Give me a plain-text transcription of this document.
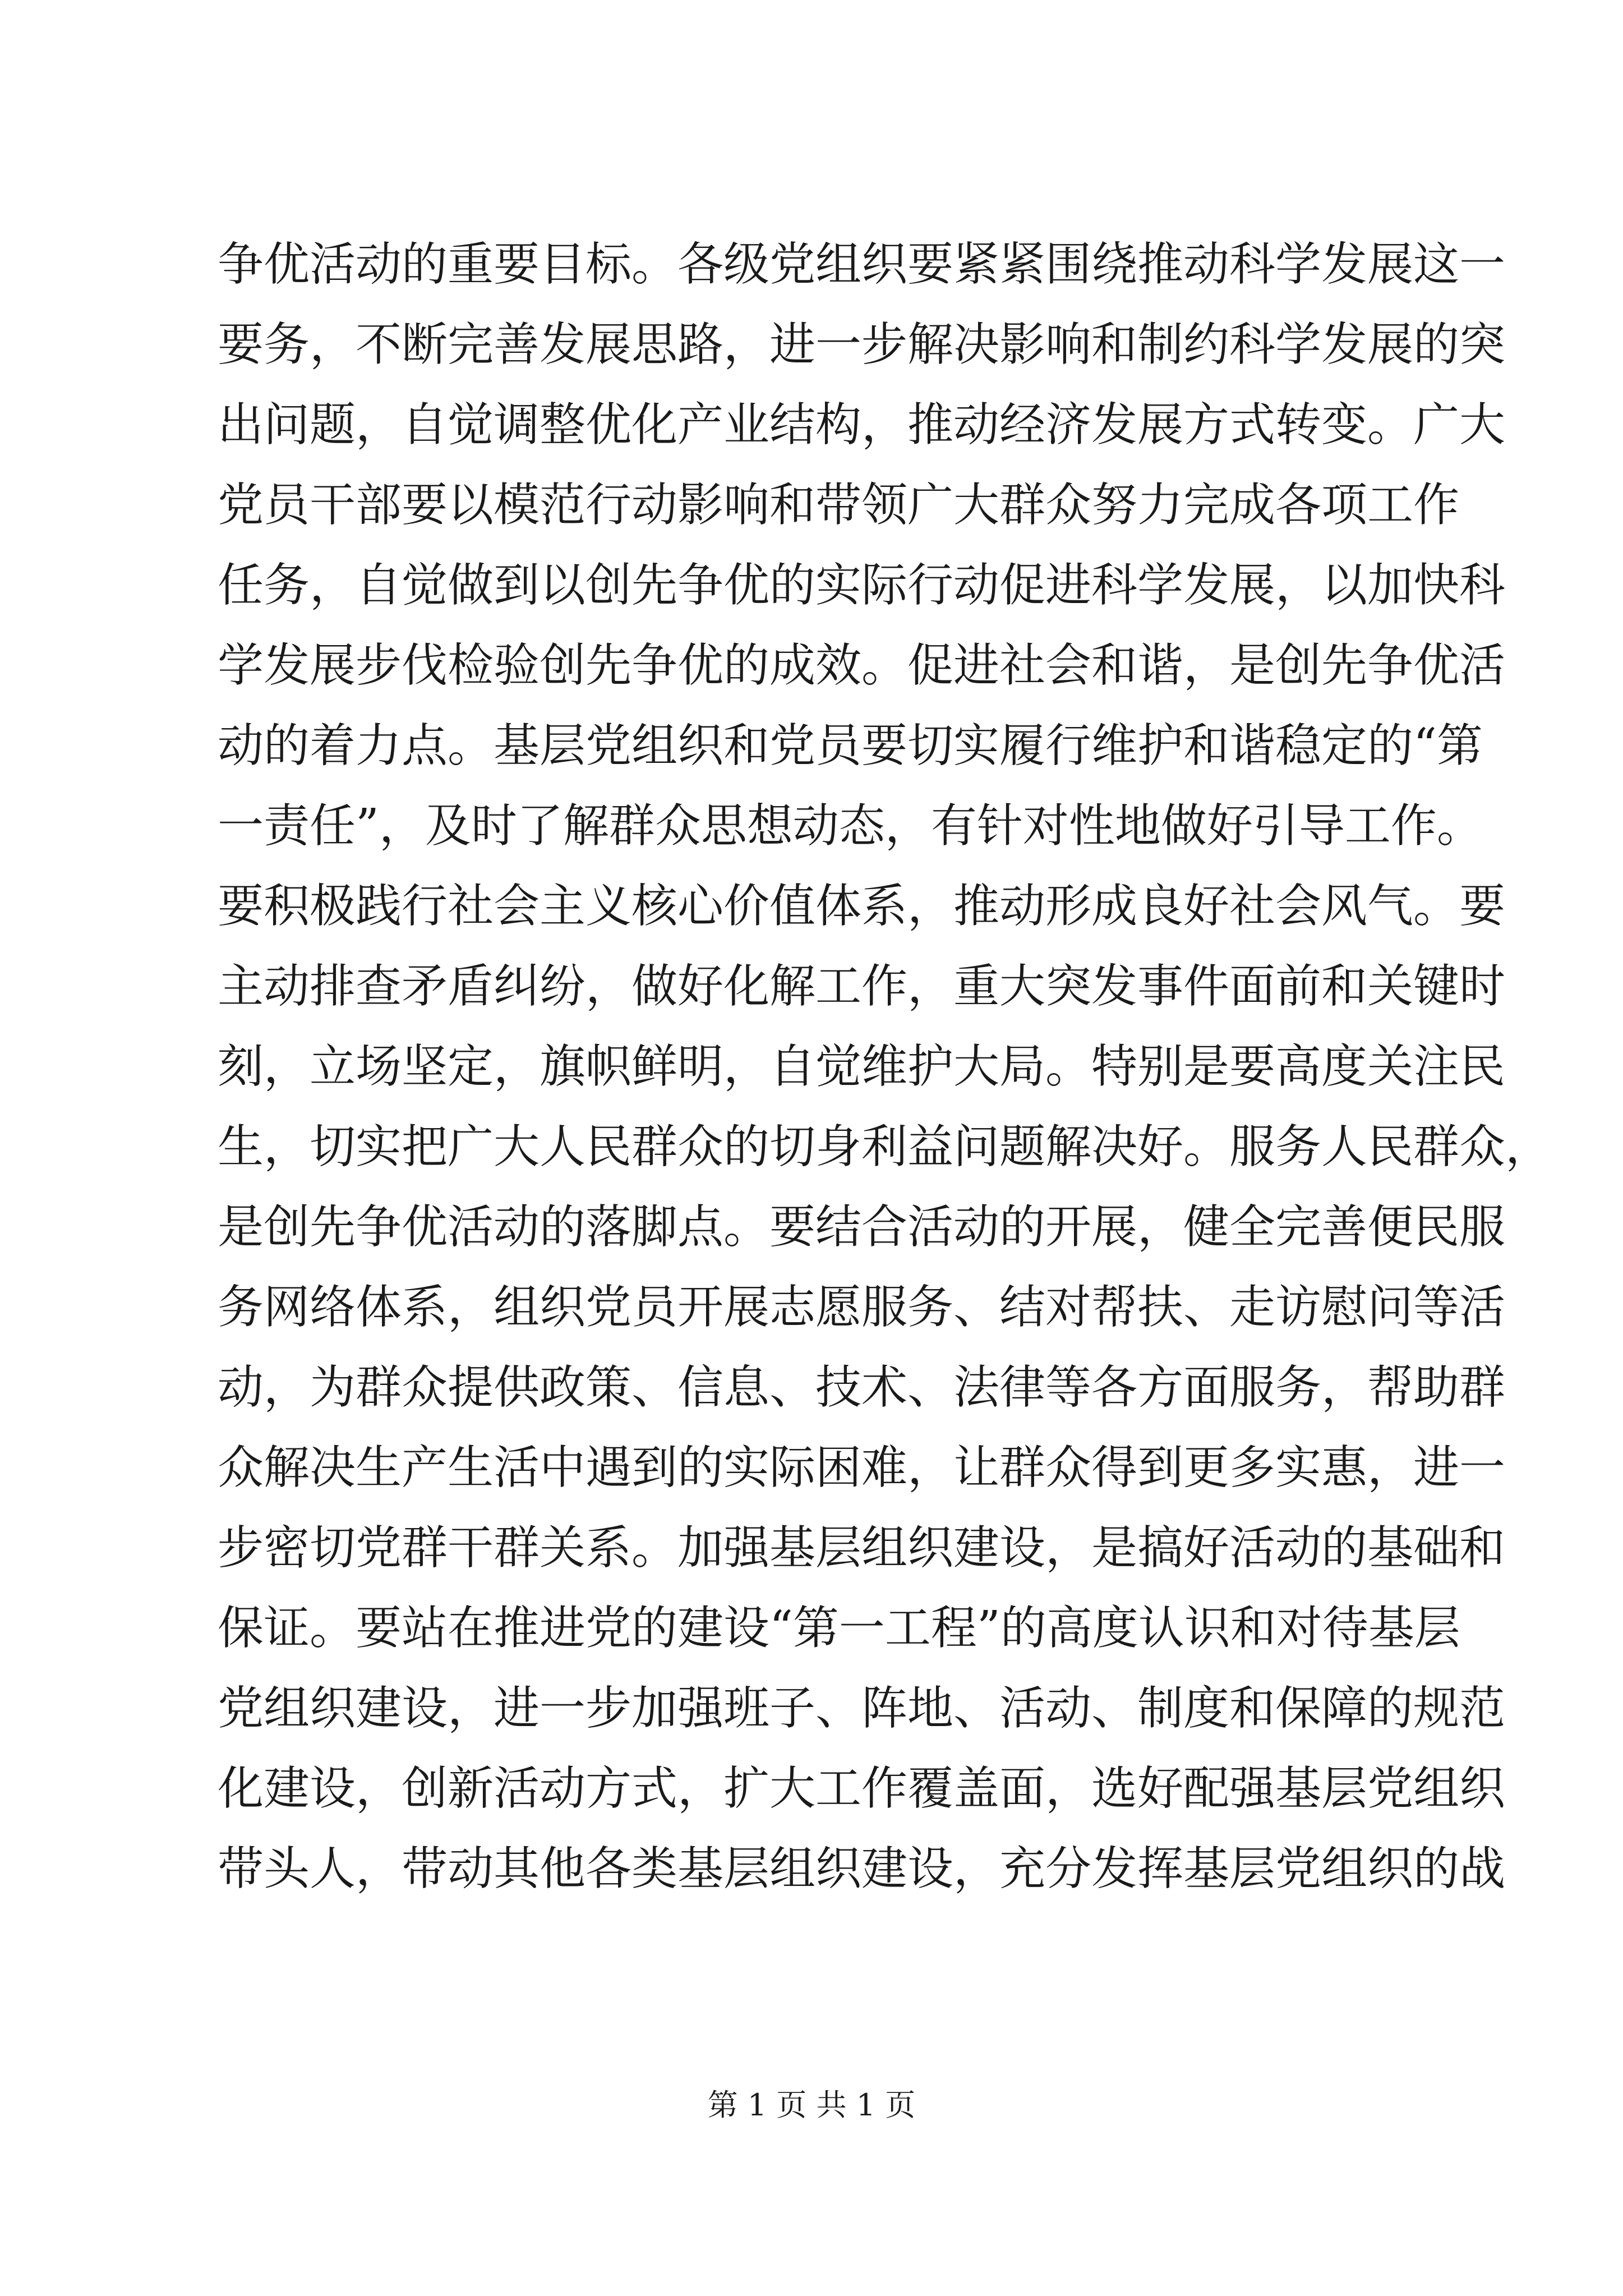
争优活动的重要目标。各级党组织要紧紧围绕推动科学发展这一
要务，不断完善发展思路，进一步解决影响和制约科学发展的突
出问题，自觉调整优化产业结构，推动经济发展方式转变。广大
党员干部要以模范行动影响和带领广大群众努力完成各项工作
任务，自觉做到以创先争优的实际行动促进科学发展，以加快科
学发展步伐检验创先争优的成效。促进社会和谐，是创先争优活
动的着力点。基层党组织和党员要切实履行维护和谐稳定的“第
一责任”，及时了解群众思想动态，有针对性地做好引导工作。
要积极践行社会主义核心价值体系，推动形成良好社会风气。要
主动排查矛盾纠纷，做好化解工作，重大突发事件面前和关键时
刻，立场坚定，旗帜鲜明，自觉维护大局。特别是要高度关注民
生，切实把广大人民群众的切身利益问题解决好。服务人民群众，
是创先争优活动的落脚点。要结合活动的开展，健全完善便民服
务网络体系，组织党员开展志愿服务、结对帮扶、走访慰问等活
动，为群众提供政策、信息、技术、法律等各方面服务，帮助群
众解决生产生活中遇到的实际困难，让群众得到更多实惠，进一
步密切党群干群关系。加强基层组织建设，是搞好活动的基础和
保证。要站在推进党的建设“第一工程”的高度认识和对待基层
党组织建设，进一步加强班子、阵地、活动、制度和保障的规范
化建设，创新活动方式，扩大工作覆盖面，选好配强基层党组织
带头人，带动其他各类基层组织建设，充分发挥基层党组织的战
第 1 页 共 1 页
